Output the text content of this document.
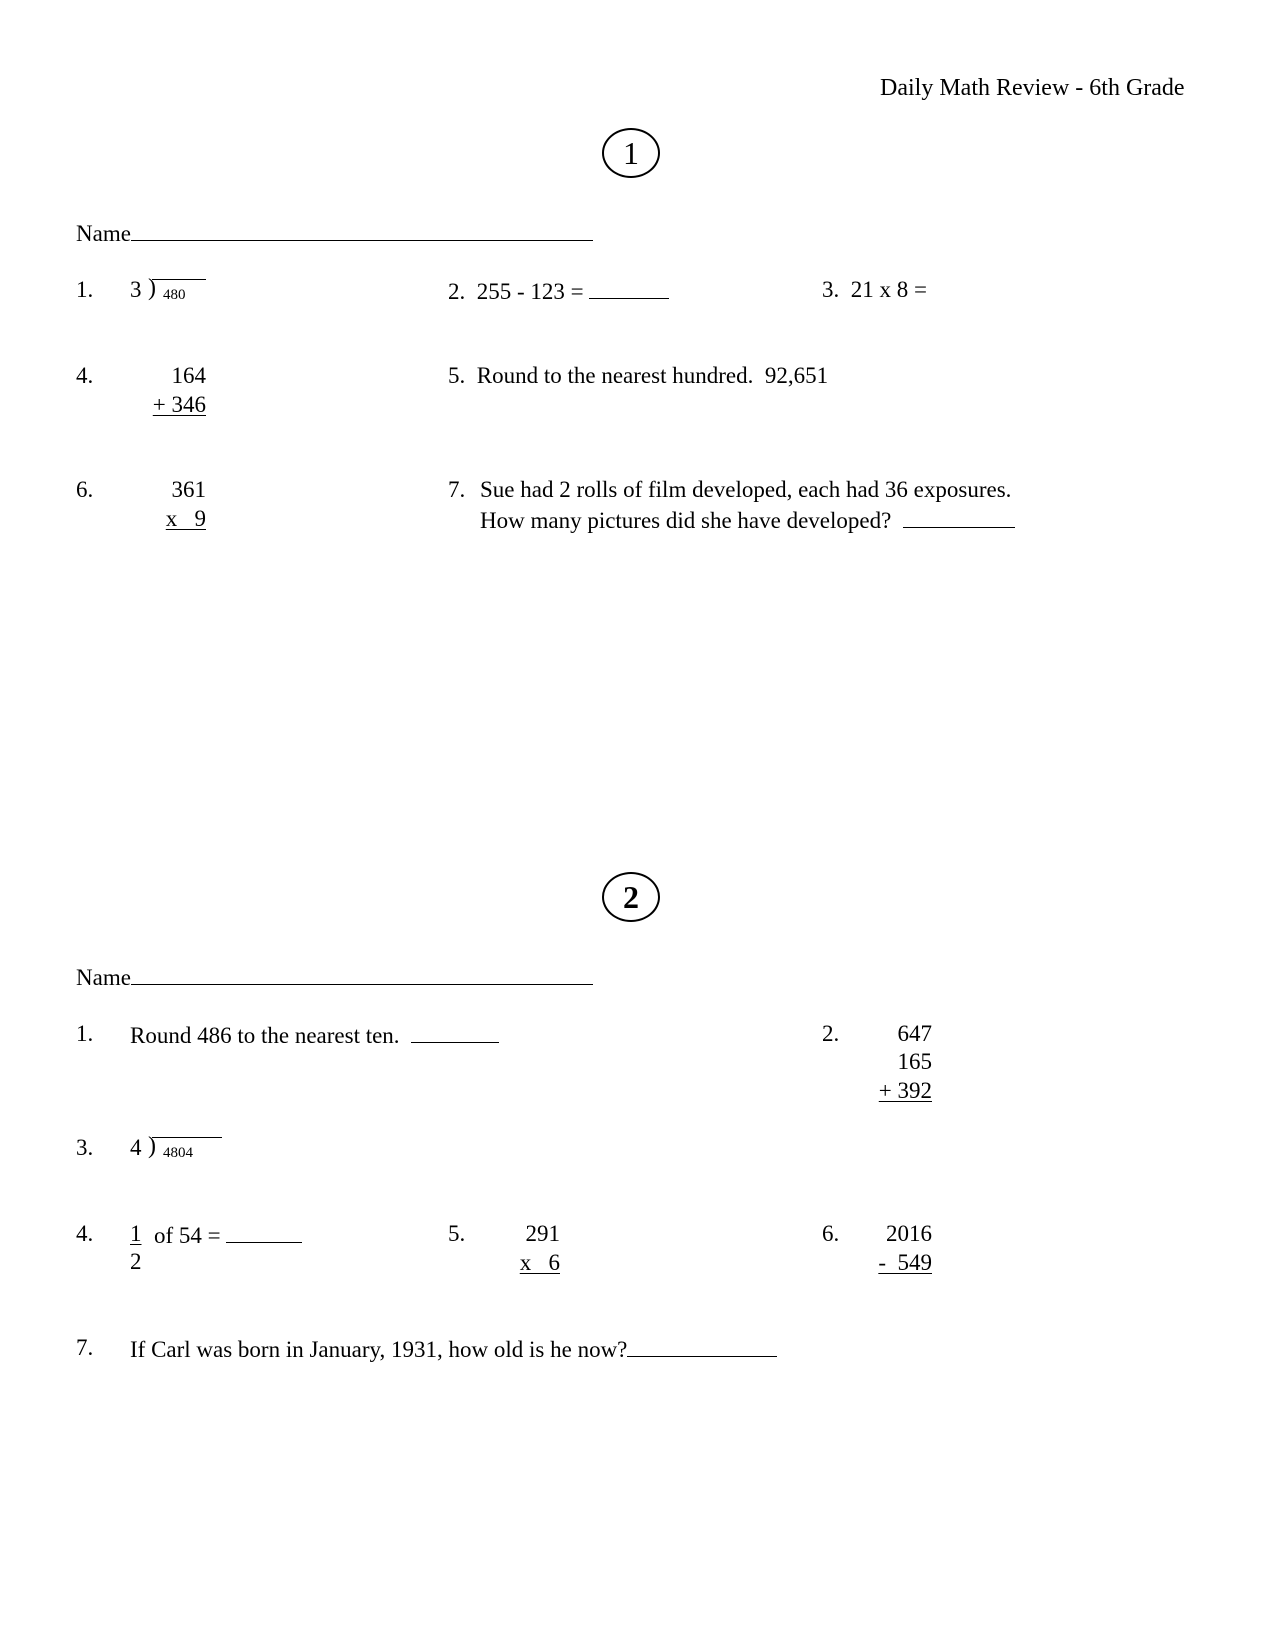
Daily Math Review - 6th Grade
1
Name
1. 3 ) 480	2. 255 - 123 =	3. 21 x 8 =
4.	164
+ 346
5. Round to the nearest hundred.  92,651
6.	361
x   9
7. Sue had 2 rolls of film developed, each had 36 exposures.
How many pictures did she have developed?
2
Name
1. Round 486 to the nearest ten.	2.	647
165
+ 392
3. 4 ) 4804
4. 1
2
of 54 =	5.	291
x   6
6.	2016
-  549
7. If Carl was born in January, 1931, how old is he now?
